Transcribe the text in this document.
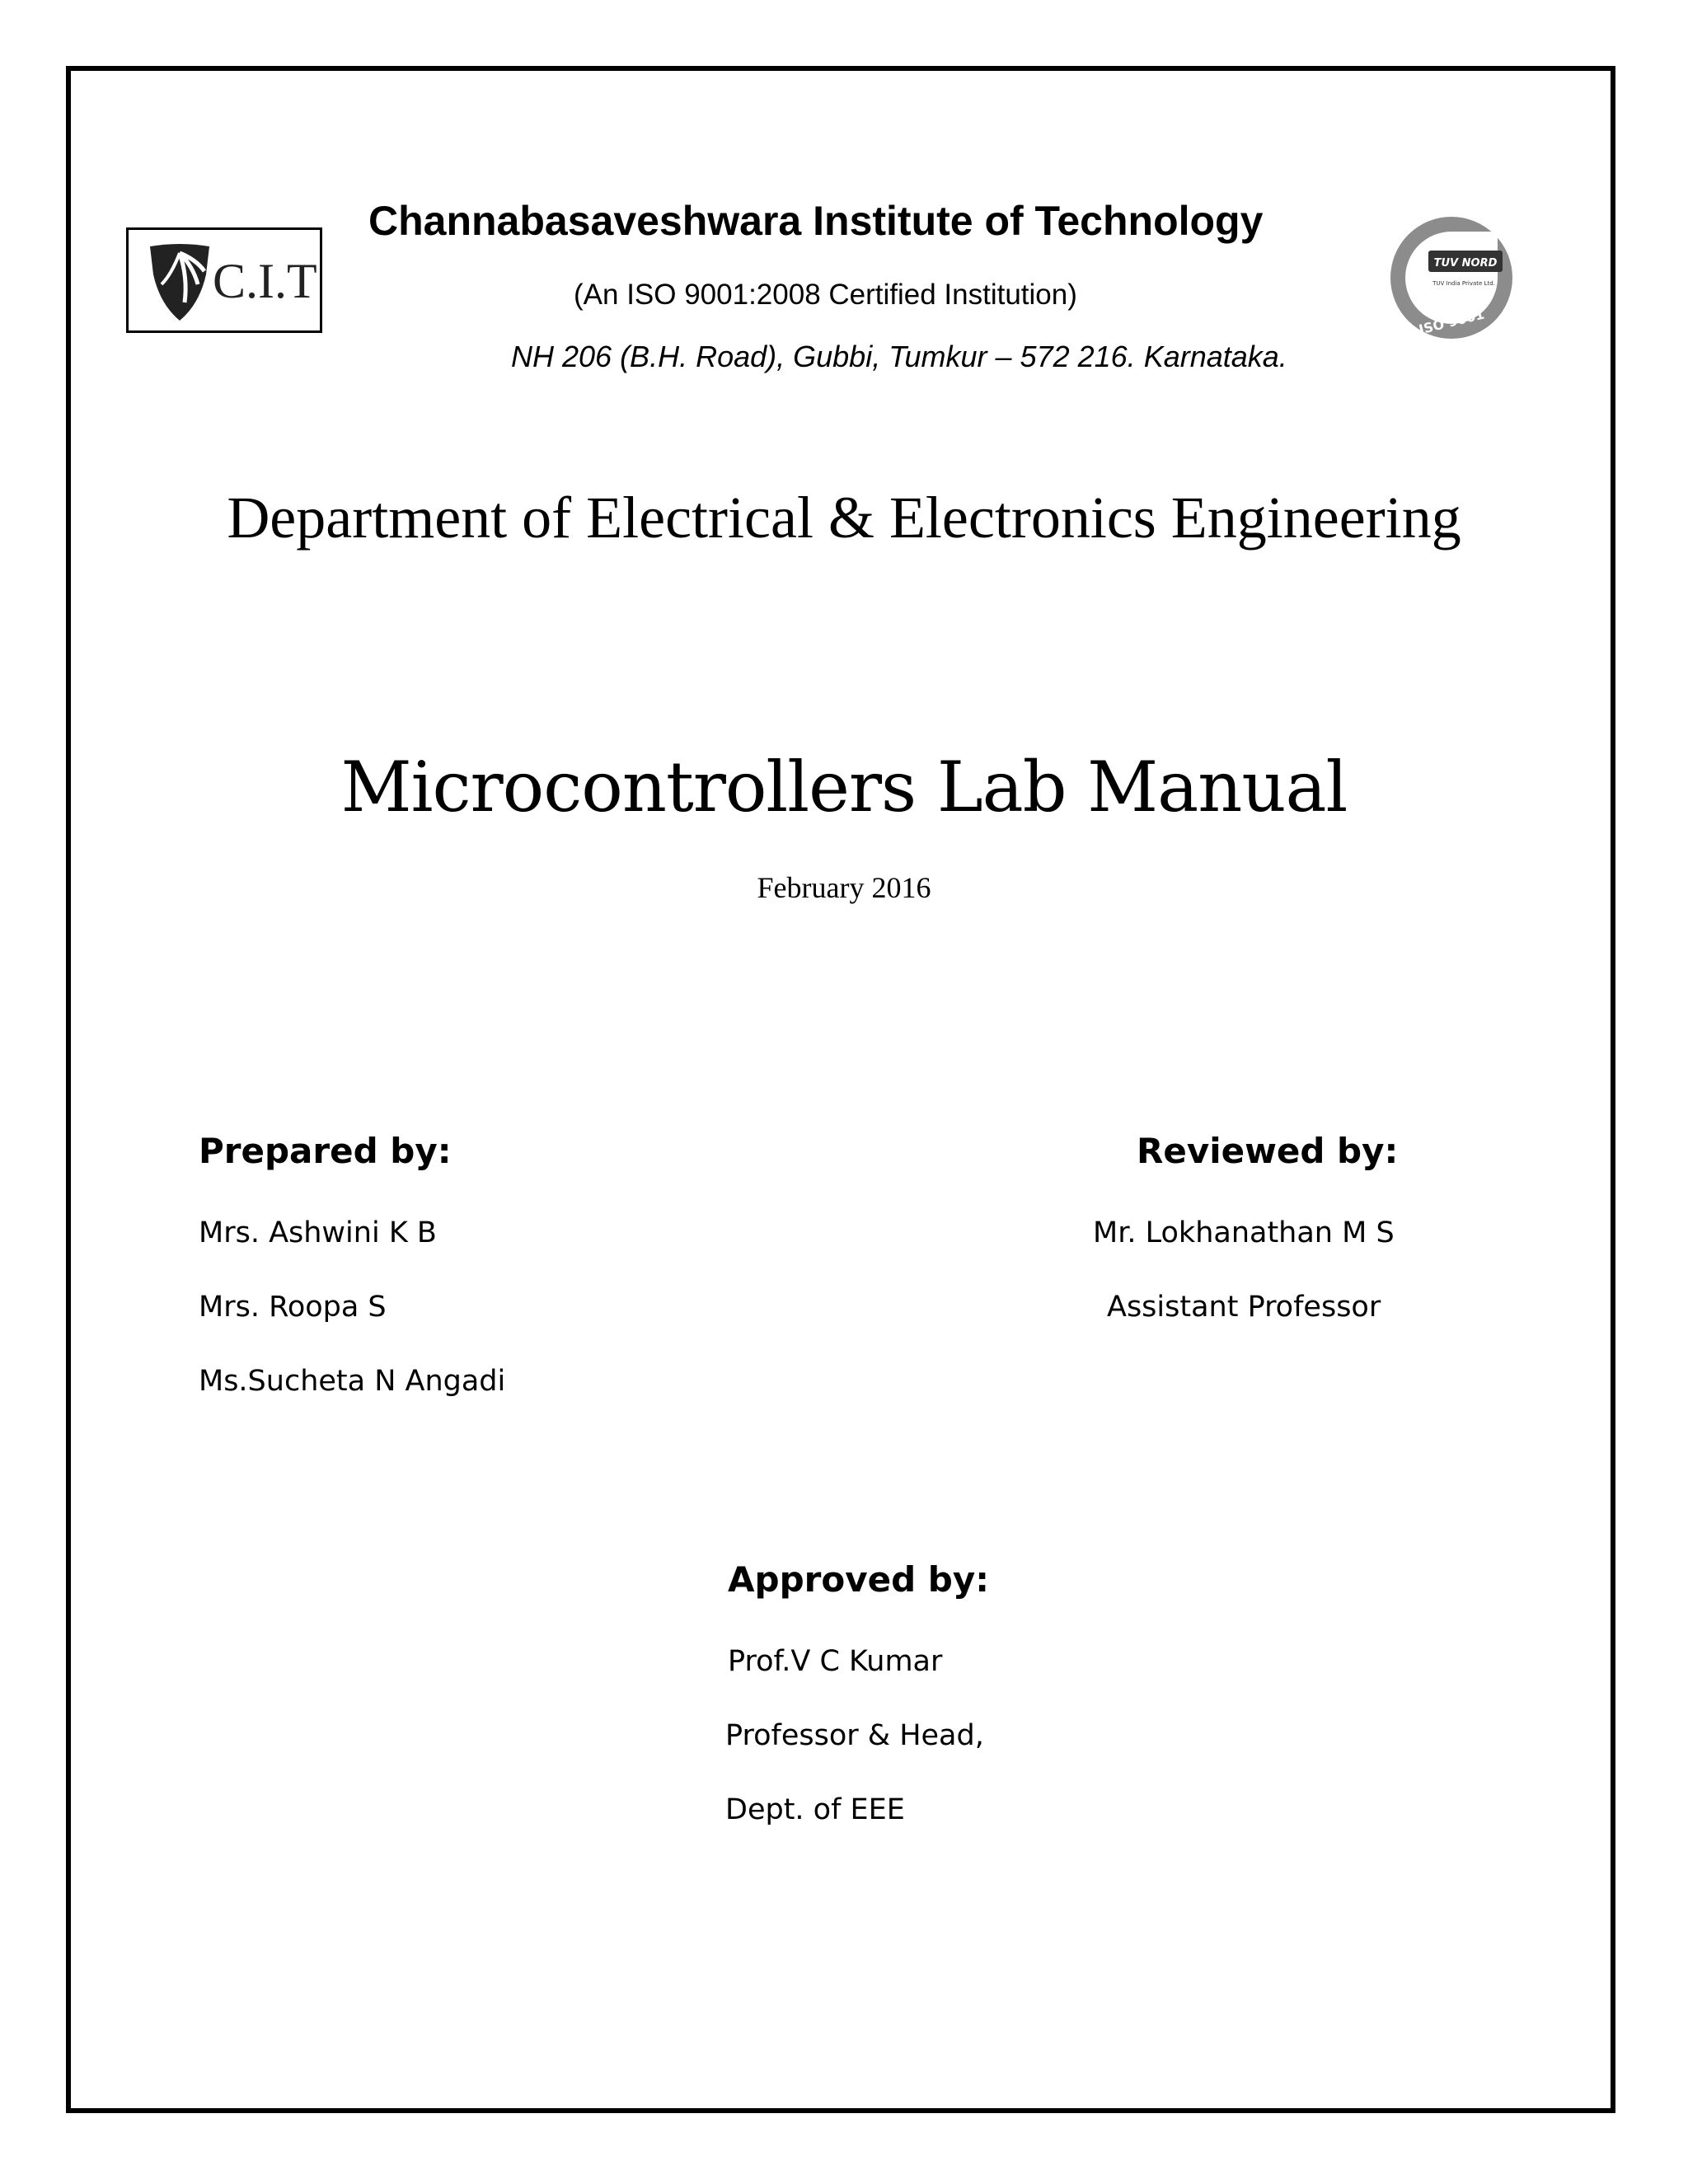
C.I.T
Channabasaveshwara Institute of Technology
(An ISO 9001:2008 Certified Institution)
NH 206 (B.H. Road), Gubbi, Tumkur – 572 216. Karnataka.
TUV NORD
TUV India Private Ltd.
ISO 9001
Department of Electrical & Electronics Engineering
Microcontrollers Lab Manual
February 2016
Prepared by:
Mrs. Ashwini K B
Mrs. Roopa S
Ms.Sucheta N Angadi
Reviewed by:
Mr. Lokhanathan M S
Assistant Professor
Approved by:
Prof.V C Kumar
Professor & Head,
Dept. of EEE
